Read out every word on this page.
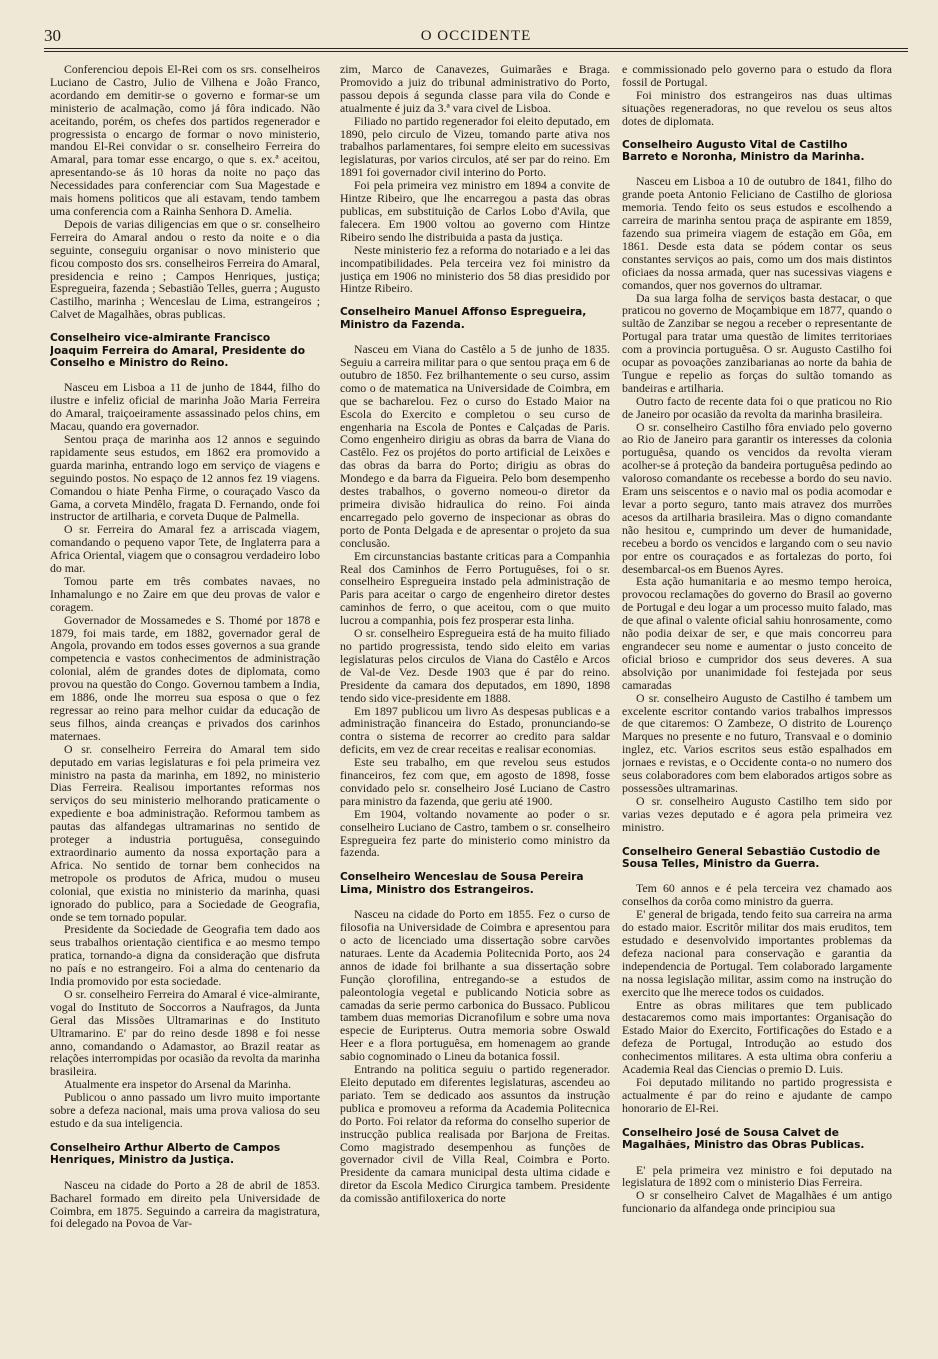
30	O OCCIDENTE

Conferenciou depois El-Rei com os srs. conselheiros Luciano de Castro, Julio de Vilhena e João Franco, acordando em demitir-se o governo e formar-se um ministerio de acalmação, como já fôra indicado. Não aceitando, porém, os chefes dos partidos regenerador e progressista o encargo de formar o novo ministerio, mandou El-Rei convidar o sr. conselheiro Ferreira do Amaral, para tomar esse encargo, o que s. ex.ª aceitou, apresentando-se ás 10 horas da noite no paço das Necessidades para conferenciar com Sua Magestade e mais homens politicos que ali estavam, tendo tambem uma conferencia com a Rainha Senhora D. Amelia.

Depois de varias diligencias em que o sr. conselheiro Ferreira do Amaral andou o resto da noite e o dia seguinte, conseguiu organisar o novo ministerio que ficou composto dos srs. conselheiros Ferreira do Amaral, presidencia e reino ; Campos Henriques, justiça; Espregueira, fazenda ; Sebastião Telles, guerra ; Augusto Castilho, marinha ; Wenceslau de Lima, estrangeiros ; Calvet de Magalhães, obras publicas.

Conselheiro vice-almirante Francisco Joaquim Ferreira do Amaral, Presidente do Conselho e Ministro do Reino.

Nasceu em Lisboa a 11 de junho de 1844, filho do ilustre e infeliz oficial de marinha João Maria Ferreira do Amaral, traiçoeiramente assassinado pelos chins, em Macau, quando era governador.

Sentou praça de marinha aos 12 annos e seguindo rapidamente seus estudos, em 1862 era promovido a guarda marinha, entrando logo em serviço de viagens e seguindo postos. No espaço de 12 annos fez 19 viagens. Comandou o hiate Penha Firme, o couraçado Vasco da Gama, a corveta Mindêlo, fragata D. Fernando, onde foi instructor de artilharia, e corveta Duque de Palmella.

O sr. Ferreira do Amaral fez a arriscada viagem, comandando o pequeno vapor Tete, de Inglaterra para a Africa Oriental, viagem que o consagrou verdadeiro lobo do mar.

Tomou parte em três combates navaes, no Inhamalungo e no Zaire em que deu provas de valor e coragem.

Governador de Mossamedes e S. Thomé por 1878 e 1879, foi mais tarde, em 1882, governador geral de Angola, provando em todos esses governos a sua grande competencia e vastos conhecimentos de administração colonial, além de grandes dotes de diplomata, como provou na questão do Congo. Governou tambem a India, em 1886, onde lhe morreu sua esposa o que o fez regressar ao reino para melhor cuidar da educação de seus filhos, ainda creanças e privados dos carinhos maternaes.

O sr. conselheiro Ferreira do Amaral tem sido deputado em varias legislaturas e foi pela primeira vez ministro na pasta da marinha, em 1892, no ministerio Dias Ferreira. Realisou importantes reformas nos serviços do seu ministerio melhorando praticamente o expediente e boa administração. Reformou tambem as pautas das alfandegas ultramarinas no sentido de proteger a industria portuguêsa, conseguindo extraordinario aumento da nossa exportação para a Africa. No sentido de tornar bem conhecidos na metropole os produtos de Africa, mudou o museu colonial, que existia no ministerio da marinha, quasi ignorado do publico, para a Sociedade de Geografia, onde se tem tornado popular.

Presidente da Sociedade de Geografia tem dado aos seus trabalhos orientação cientifica e ao mesmo tempo pratica, tornando-a digna da consideração que disfruta no país e no estrangeiro. Foi a alma do centenario da India promovido por esta sociedade.

O sr. conselheiro Ferreira do Amaral é vice-almirante, vogal do Instituto de Soccorros a Naufragos, da Junta Geral das Missões Ultramarinas e do Instituto Ultramarino. E' par do reino desde 1898 e foi nesse anno, comandando o Adamastor, ao Brazil reatar as relações interrompidas por ocasião da revolta da marinha brasileira.

Atualmente era inspetor do Arsenal da Marinha.

Publicou o anno passado um livro muito importante sobre a defeza nacional, mais uma prova valiosa do seu estudo e da sua inteligencia.

Conselheiro Arthur Alberto de Campos Henriques, Ministro da Justiça.

Nasceu na cidade do Porto a 28 de abril de 1853. Bacharel formado em direito pela Universidade de Coimbra, em 1875. Seguindo a carreira da magistratura, foi delegado na Povoa de Var-

zim, Marco de Canavezes, Guimarães e Braga. Promovido a juiz do tribunal administrativo do Porto, passou depois á segunda classe para vila do Conde e atualmente é juiz da 3.ª vara civel de Lisboa.

Filiado no partido regenerador foi eleito deputado, em 1890, pelo circulo de Vizeu, tomando parte ativa nos trabalhos parlamentares, foi sempre eleito em sucessivas legislaturas, por varios circulos, até ser par do reino. Em 1891 foi governador civil interino do Porto.

Foi pela primeira vez ministro em 1894 a convite de Hintze Ribeiro, que lhe encarregou a pasta das obras publicas, em substituição de Carlos Lobo d'Avila, que falecera. Em 1900 voltou ao governo com Hintze Ribeiro sendo lhe distribuida a pasta da justiça.

Neste ministerio fez a reforma do notariado e a lei das incompatibilidades. Pela terceira vez foi ministro da justiça em 1906 no ministerio dos 58 dias presidido por Hintze Ribeiro.

Conselheiro Manuel Affonso Espregueira, Ministro da Fazenda.

Nasceu em Viana do Castêlo a 5 de junho de 1835. Seguiu a carreira militar para o que sentou praça em 6 de outubro de 1850. Fez brilhantemente o seu curso, assim como o de matematica na Universidade de Coimbra, em que se bacharelou. Fez o curso do Estado Maior na Escola do Exercito e completou o seu curso de engenharia na Escola de Pontes e Calçadas de Paris. Como engenheiro dirigiu as obras da barra de Viana do Castêlo. Fez os projétos do porto artificial de Leixões e das obras da barra do Porto; dirigiu as obras do Mondego e da barra da Figueira. Pelo bom desempenho destes trabalhos, o governo nomeou-o diretor da primeira divisão hidraulica do reino. Foi ainda encarregado pelo governo de inspecionar as obras do porto de Ponta Delgada e de apresentar o projeto da sua conclusão.

Em circunstancias bastante criticas para a Companhia Real dos Caminhos de Ferro Portuguêses, foi o sr. conselheiro Espregueira instado pela administração de Paris para aceitar o cargo de engenheiro diretor destes caminhos de ferro, o que aceitou, com o que muito lucrou a companhia, pois fez prosperar esta linha.

O sr. conselheiro Espregueira está de ha muito filiado no partido progressista, tendo sido eleito em varias legislaturas pelos circulos de Viana do Castêlo e Arcos de Val-de Vez. Desde 1903 que é par do reino. Presidente da camara dos deputados, em 1890, 1898 tendo sido vice-presidente em 1888.

Em 1897 publicou um livro As despesas publicas e a administração financeira do Estado, pronunciando-se contra o sistema de recorrer ao credito para saldar deficits, em vez de crear receitas e realisar economias.

Este seu trabalho, em que revelou seus estudos financeiros, fez com que, em agosto de 1898, fosse convidado pelo sr. conselheiro José Luciano de Castro para ministro da fazenda, que geriu até 1900.

Em 1904, voltando novamente ao poder o sr. conselheiro Luciano de Castro, tambem o sr. conselheiro Espregueira fez parte do ministerio como ministro da fazenda.

Conselheiro Wenceslau de Sousa Pereira Lima, Ministro dos Estrangeiros.

Nasceu na cidade do Porto em 1855. Fez o curso de filosofia na Universidade de Coimbra e apresentou para o acto de licenciado uma dissertação sobre carvões naturaes. Lente da Academia Politecnida Porto, aos 24 annos de idade foi brilhante a sua dissertação sobre Função çlorofilina, entregando-se a estudos de paleontologia vegetal e publicando Noticia sobre as camadas da serie permo carbonica do Bussaco. Publicou tambem duas memorias Dicranofilum e sobre uma nova especie de Euripterus. Outra memoria sobre Oswald Heer e a flora portuguêsa, em homenagem ao grande sabio cognominado o Lineu da botanica fossil.

Entrando na politica seguiu o partido regenerador. Eleito deputado em diferentes legislaturas, ascendeu ao pariato. Tem se dedicado aos assuntos da instrução publica e promoveu a reforma da Academia Politecnica do Porto. Foi relator da reforma do conselho superior de instrucção publica realisada por Barjona de Freitas. Como magistrado desempenhou as funções de governador civil de Villa Real, Coimbra e Porto. Presidente da camara municipal desta ultima cidade e diretor da Escola Medico Cirurgica tambem. Presidente da comissão antifiloxerica do norte

e commissionado pelo governo para o estudo da flora fossil de Portugal.

Foi ministro dos estrangeiros nas duas ultimas situações regeneradoras, no que revelou os seus altos dotes de diplomata.

Conselheiro Augusto Vital de Castilho Barreto e Noronha, Ministro da Marinha.

Nasceu em Lisboa a 10 de outubro de 1841, filho do grande poeta Antonio Feliciano de Castilho de gloriosa memoria. Tendo feito os seus estudos e escolhendo a carreira de marinha sentou praça de aspirante em 1859, fazendo sua primeira viagem de estação em Gôa, em 1861. Desde esta data se pódem contar os seus constantes serviços ao pais, como um dos mais distintos oficiaes da nossa armada, quer nas sucessivas viagens e comandos, quer nos governos do ultramar.

Da sua larga folha de serviços basta destacar, o que praticou no governo de Moçambique em 1877, quando o sultão de Zanzibar se negou a receber o representante de Portugal para tratar uma questão de limites territoriaes com a provincia portuguêsa. O sr. Augusto Castilho foi ocupar as povoações zanzibarianas ao norte da bahia de Tungue e repelio as forças do sultão tomando as bandeiras e artilharia.

Outro facto de recente data foi o que praticou no Rio de Janeiro por ocasião da revolta da marinha brasileira.

O sr. conselheiro Castilho fôra enviado pelo governo ao Rio de Janeiro para garantir os interesses da colonia portuguêsa, quando os vencidos da revolta vieram acolher-se á proteção da bandeira portuguêsa pedindo ao valoroso comandante os recebesse a bordo do seu navio. Eram uns seiscentos e o navio mal os podia acomodar e levar a porto seguro, tanto mais atravez dos murrões acesos da artilharia brasileira. Mas o digno comandante não hesitou e, cumprindo um dever de humanidade, recebeu a bordo os vencidos e largando com o seu navio por entre os couraçados e as fortalezas do porto, foi desembarcal-os em Buenos Ayres.

Esta ação humanitaria e ao mesmo tempo heroica, provocou reclamações do governo do Brasil ao governo de Portugal e deu logar a um processo muito falado, mas de que afinal o valente oficial sahiu honrosamente, como não podia deixar de ser, e que mais concorreu para engrandecer seu nome e aumentar o justo conceito de oficial brioso e cumpridor dos seus deveres. A sua absolvição por unanimidade foi festejada por seus camaradas

O sr. conselheiro Augusto de Castilho é tambem um excelente escritor contando varios trabalhos impressos de que citaremos: O Zambeze, O distrito de Lourenço Marques no presente e no futuro, Transvaal e o dominio inglez, etc. Varios escritos seus estão espalhados em jornaes e revistas, e o Occidente conta-o no numero dos seus colaboradores com bem elaborados artigos sobre as possessões ultramarinas.

O sr. conselheiro Augusto Castilho tem sido por varias vezes deputado e é agora pela primeira vez ministro.

Conselheiro General Sebastião Custodio de Sousa Telles, Ministro da Guerra.

Tem 60 annos e é pela terceira vez chamado aos conselhos da corôa como ministro da guerra.

E' general de brigada, tendo feito sua carreira na arma do estado maior. Escritôr militar dos mais eruditos, tem estudado e desenvolvido importantes problemas da defeza nacional para conservação e garantia da independencia de Portugal. Tem colaborado largamente na nossa legislação militar, assim como na instrução do exercito que lhe merece todos os cuidados.

Entre as obras militares que tem publicado destacaremos como mais importantes: Organisação do Estado Maior do Exercito, Fortificações do Estado e a defeza de Portugal, Introdução ao estudo dos conhecimentos militares. A esta ultima obra conferiu a Academia Real das Ciencias o premio D. Luis.

Foi deputado militando no partido progressista e actualmente é par do reino e ajudante de campo honorario de El-Rei.

Conselheiro José de Sousa Calvet de Magalhães, Ministro das Obras Publicas.

E' pela primeira vez ministro e foi deputado na legislatura de 1892 com o ministerio Dias Ferreira.

O sr conselheiro Calvet de Magalhães é um antigo funcionario da alfandega onde principiou sua
